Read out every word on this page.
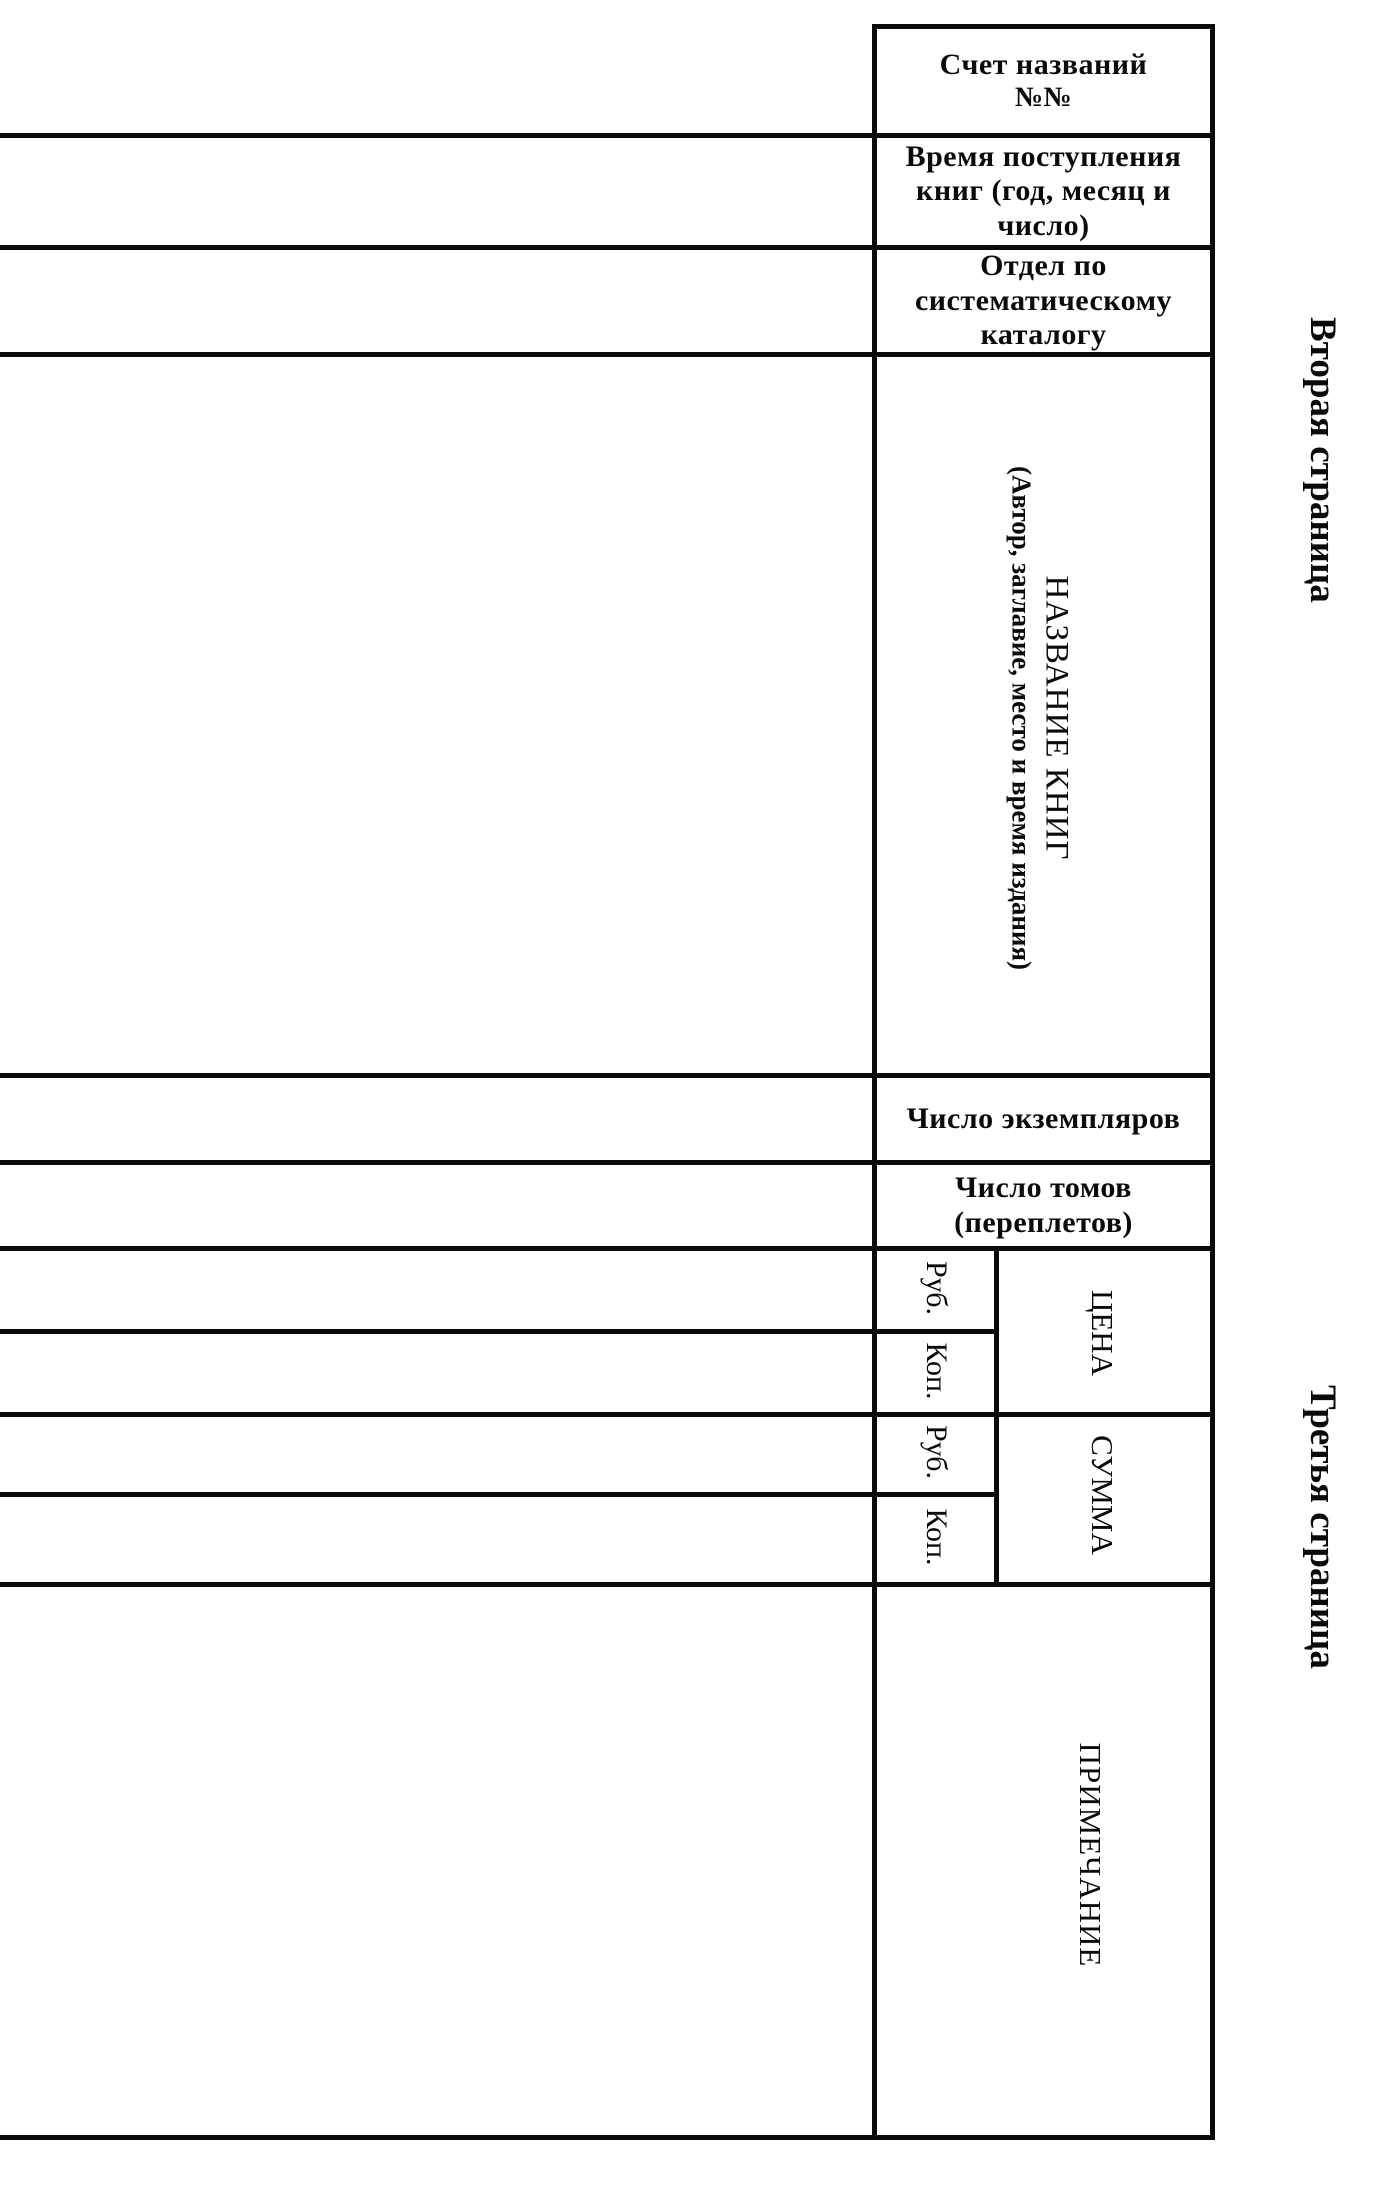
Счет названий
№№
Время поступления книг (год, месяц и число)
Отдел по систематическому каталогу
НАЗВАНИЕ КНИГ
(Автор, заглавие, место и время издания)
Число экземпляров
Число томов (переплетов)
Руб.
Коп.	ЦЕНА
Руб.
Коп.	СУММА
ПРИМЕЧАНИЕ
Вторая страница
Третья страница
